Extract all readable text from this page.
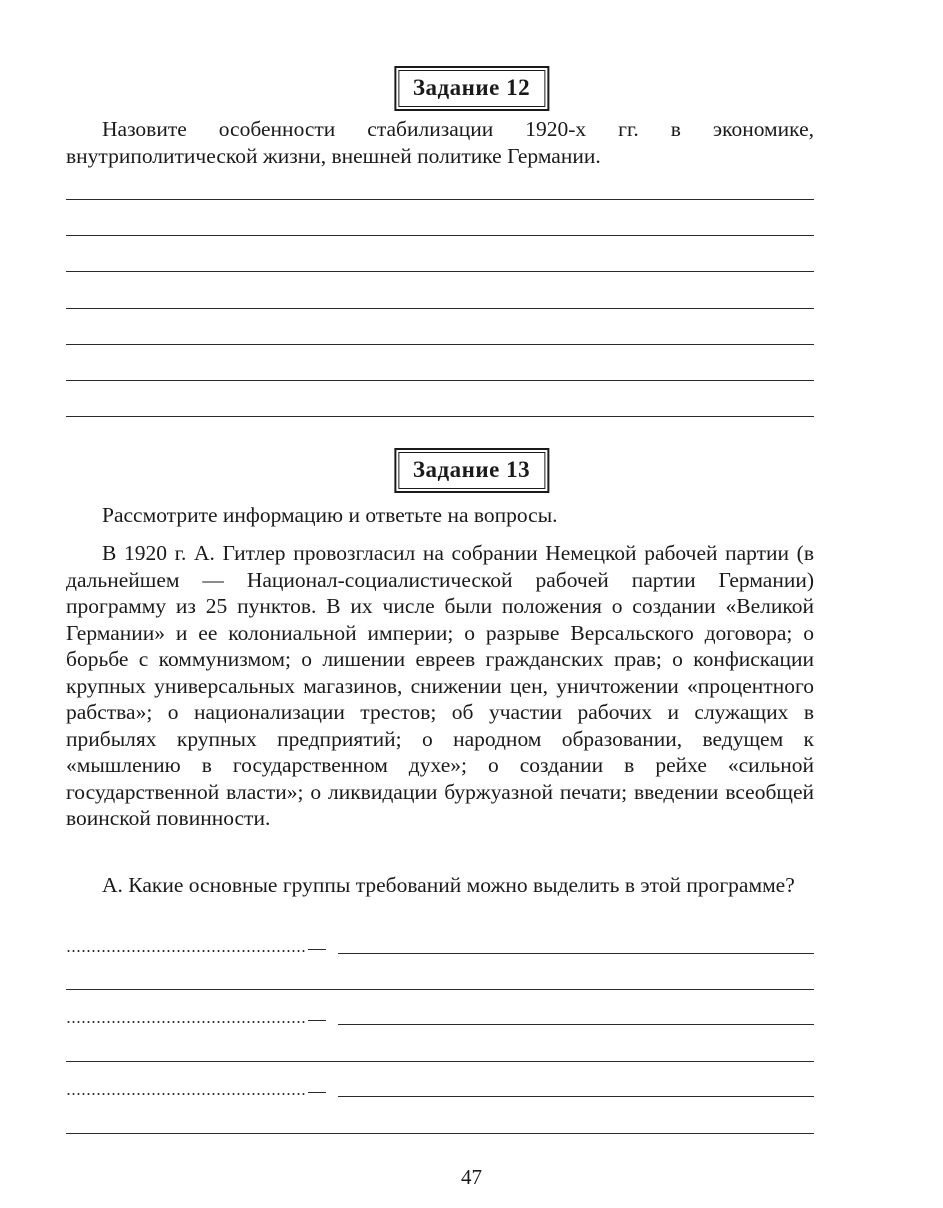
Задание 12

Назовите особенности стабилизации 1920-х гг. в экономике, внутриполитической жизни, внешней политике Германии.

Задание 13

Рассмотрите информацию и ответьте на вопросы.

В 1920 г. А. Гитлер провозгласил на собрании Немецкой рабочей партии (в дальнейшем — Национал-социалистической рабочей партии Германии) программу из 25 пунктов. В их числе были положения о создании «Великой Германии» и ее колониальной империи; о разрыве Версальского договора; о борьбе с коммунизмом; о лишении евреев гражданских прав; о конфискации крупных универсальных магазинов, снижении цен, уничтожении «процентного рабства»; о национализации трестов; об участии рабочих и служащих в прибылях крупных предприятий; о народном образовании, ведущем к «мышлению в государственном духе»; о создании в рейхе «сильной государственной власти»; о ликвидации буржуазной печати; введении всеобщей воинской повинности.

А. Какие основные группы требований можно выделить в этой программе?

47
